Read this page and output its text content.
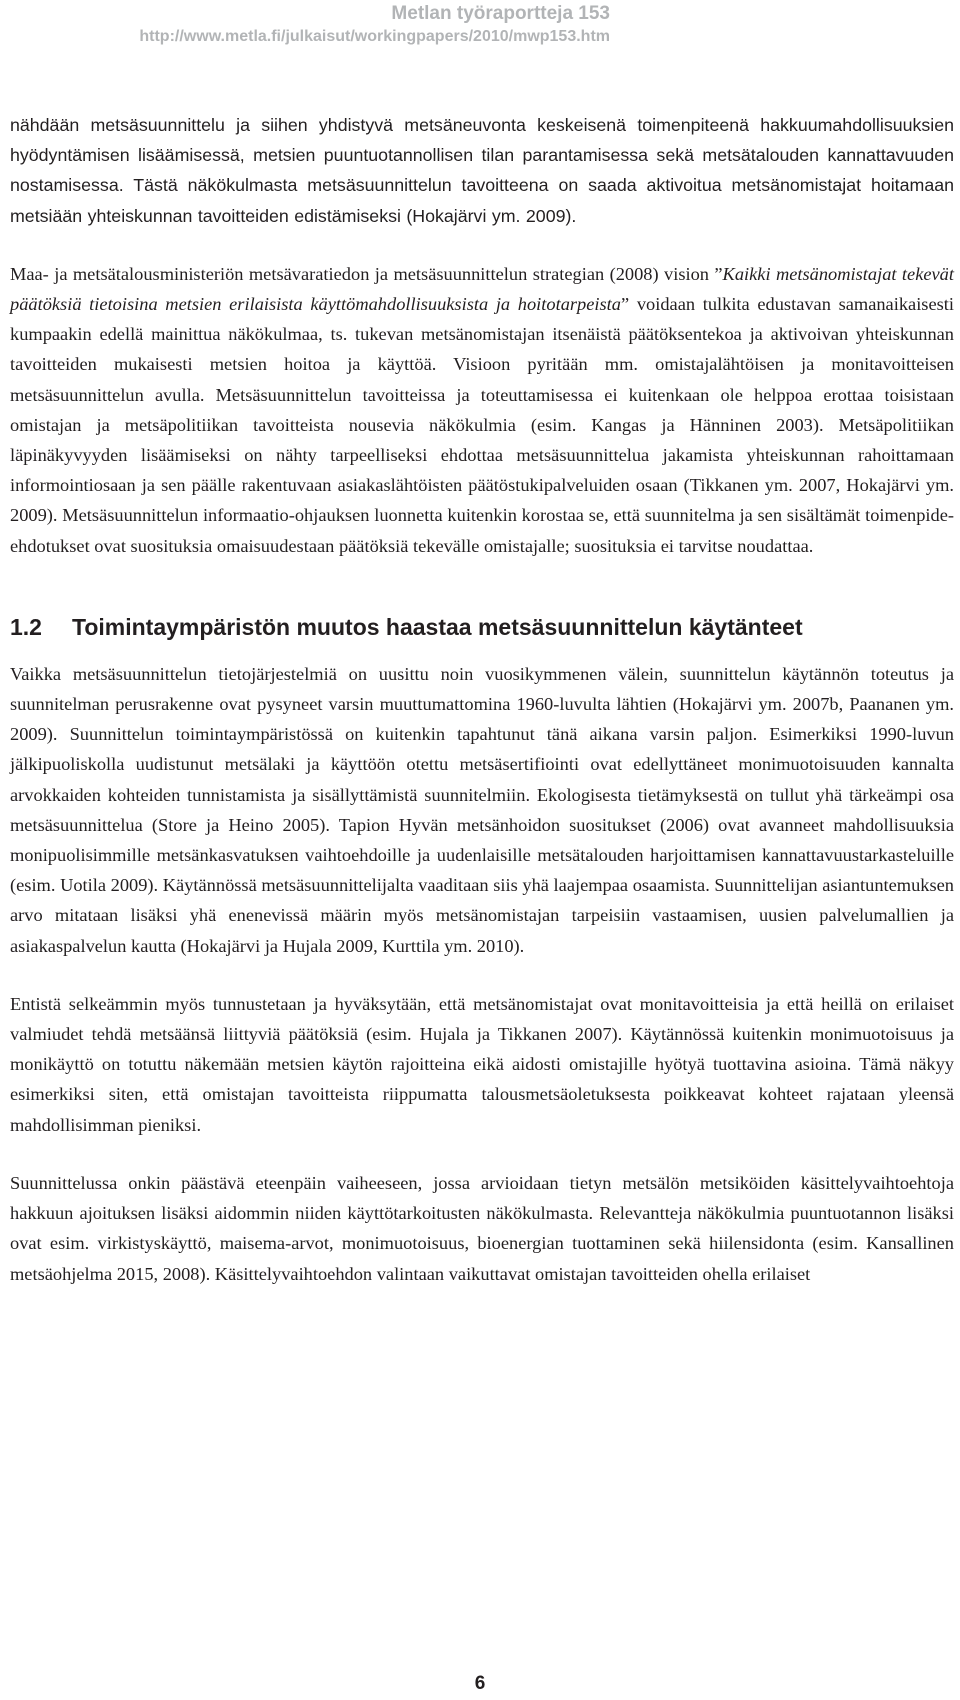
Metlan työraportteja 153
http://www.metla.fi/julkaisut/workingpapers/2010/mwp153.htm

nähdään metsäsuunnittelu ja siihen yhdistyvä metsäneuvonta keskeisenä toimenpiteenä hakkuumahdollisuuksien hyödyntämisen lisäämisessä, metsien puuntuotannollisen tilan parantamisessa sekä metsätalouden kannattavuuden nostamisessa. Tästä näkökulmasta metsäsuunnittelun tavoitteena on saada aktivoitua metsänomistajat hoitamaan metsiään yhteiskunnan tavoitteiden edistämiseksi (Hokajärvi ym. 2009).

Maa- ja metsätalousministeriön metsävaratiedon ja metsäsuunnittelun strategian (2008) vision ”Kaikki metsänomistajat tekevät päätöksiä tietoisina metsien erilaisista käyttömahdollisuuksista ja hoitotarpeista” voidaan tulkita edustavan samanaikaisesti kumpaakin edellä mainittua näkökulmaa, ts. tukevan metsänomistajan itsenäistä päätöksentekoa ja aktivoivan yhteiskunnan tavoitteiden mukaisesti metsien hoitoa ja käyttöä. Visioon pyritään mm. omistajalähtöisen ja monitavoitteisen metsäsuunnittelun avulla. Metsäsuunnittelun tavoitteissa ja toteuttamisessa ei kuitenkaan ole helppoa erottaa toisistaan omistajan ja metsäpolitiikan tavoitteista nousevia näkökulmia (esim. Kangas ja Hänninen 2003). Metsäpolitiikan läpinäkyvyyden lisäämiseksi on nähty tarpeelliseksi ehdottaa metsäsuunnittelua jakamista yhteiskunnan rahoittamaan informointiosaan ja sen päälle rakentuvaan asiakaslähtöisten päätöstukipalveluiden osaan (Tikkanen ym. 2007, Hokajärvi ym. 2009). Metsäsuunnittelun informaatio-ohjauksen luonnetta kuitenkin korostaa se, että suunnitelma ja sen sisältämät toimenpide-ehdotukset ovat suosituksia omaisuudestaan päätöksiä tekevälle omistajalle; suosituksia ei tarvitse noudattaa.

1.2 Toimintaympäristön muutos haastaa metsäsuunnittelun käytänteet

Vaikka metsäsuunnittelun tietojärjestelmiä on uusittu noin vuosikymmenen välein, suunnittelun käytännön toteutus ja suunnitelman perusrakenne ovat pysyneet varsin muuttumattomina 1960-luvulta lähtien (Hokajärvi ym. 2007b, Paananen ym. 2009). Suunnittelun toimintaympäristössä on kuitenkin tapahtunut tänä aikana varsin paljon. Esimerkiksi 1990-luvun jälkipuoliskolla uudistunut metsälaki ja käyttöön otettu metsäsertifiointi ovat edellyttäneet monimuotoisuuden kannalta arvokkaiden kohteiden tunnistamista ja sisällyttämistä suunnitelmiin. Ekologisesta tietämyksestä on tullut yhä tärkeämpi osa metsäsuunnittelua (Store ja Heino 2005). Tapion Hyvän metsänhoidon suositukset (2006) ovat avanneet mahdollisuuksia monipuolisimmille metsänkasvatuksen vaihtoehdoille ja uudenlaisille metsätalouden harjoittamisen kannattavuustarkasteluille (esim. Uotila 2009). Käytännössä metsäsuunnittelijalta vaaditaan siis yhä laajempaa osaamista. Suunnittelijan asiantuntemuksen arvo mitataan lisäksi yhä enenevissä määrin myös metsänomistajan tarpeisiin vastaamisen, uusien palvelumallien ja asiakaspalvelun kautta (Hokajärvi ja Hujala 2009, Kurttila ym. 2010).

Entistä selkeämmin myös tunnustetaan ja hyväksytään, että metsänomistajat ovat monitavoitteisia ja että heillä on erilaiset valmiudet tehdä metsäänsä liittyviä päätöksiä (esim. Hujala ja Tikkanen 2007). Käytännössä kuitenkin monimuotoisuus ja monikäyttö on totuttu näkemään metsien käytön rajoitteina eikä aidosti omistajille hyötyä tuottavina asioina. Tämä näkyy esimerkiksi siten, että omistajan tavoitteista riippumatta talousmetsäoletuksesta poikkeavat kohteet rajataan yleensä mahdollisimman pieniksi.

Suunnittelussa onkin päästävä eteenpäin vaiheeseen, jossa arvioidaan tietyn metsälön metsiköiden käsittelyvaihtoehtoja hakkuun ajoituksen lisäksi aidommin niiden käyttötarkoitusten näkökulmasta. Relevantteja näkökulmia puuntuotannon lisäksi ovat esim. virkistyskäyttö, maisema-arvot, monimuotoisuus, bioenergian tuottaminen sekä hiilensidonta (esim. Kansallinen metsäohjelma 2015, 2008). Käsittelyvaihtoehdon valintaan vaikuttavat omistajan tavoitteiden ohella erilaiset

6
